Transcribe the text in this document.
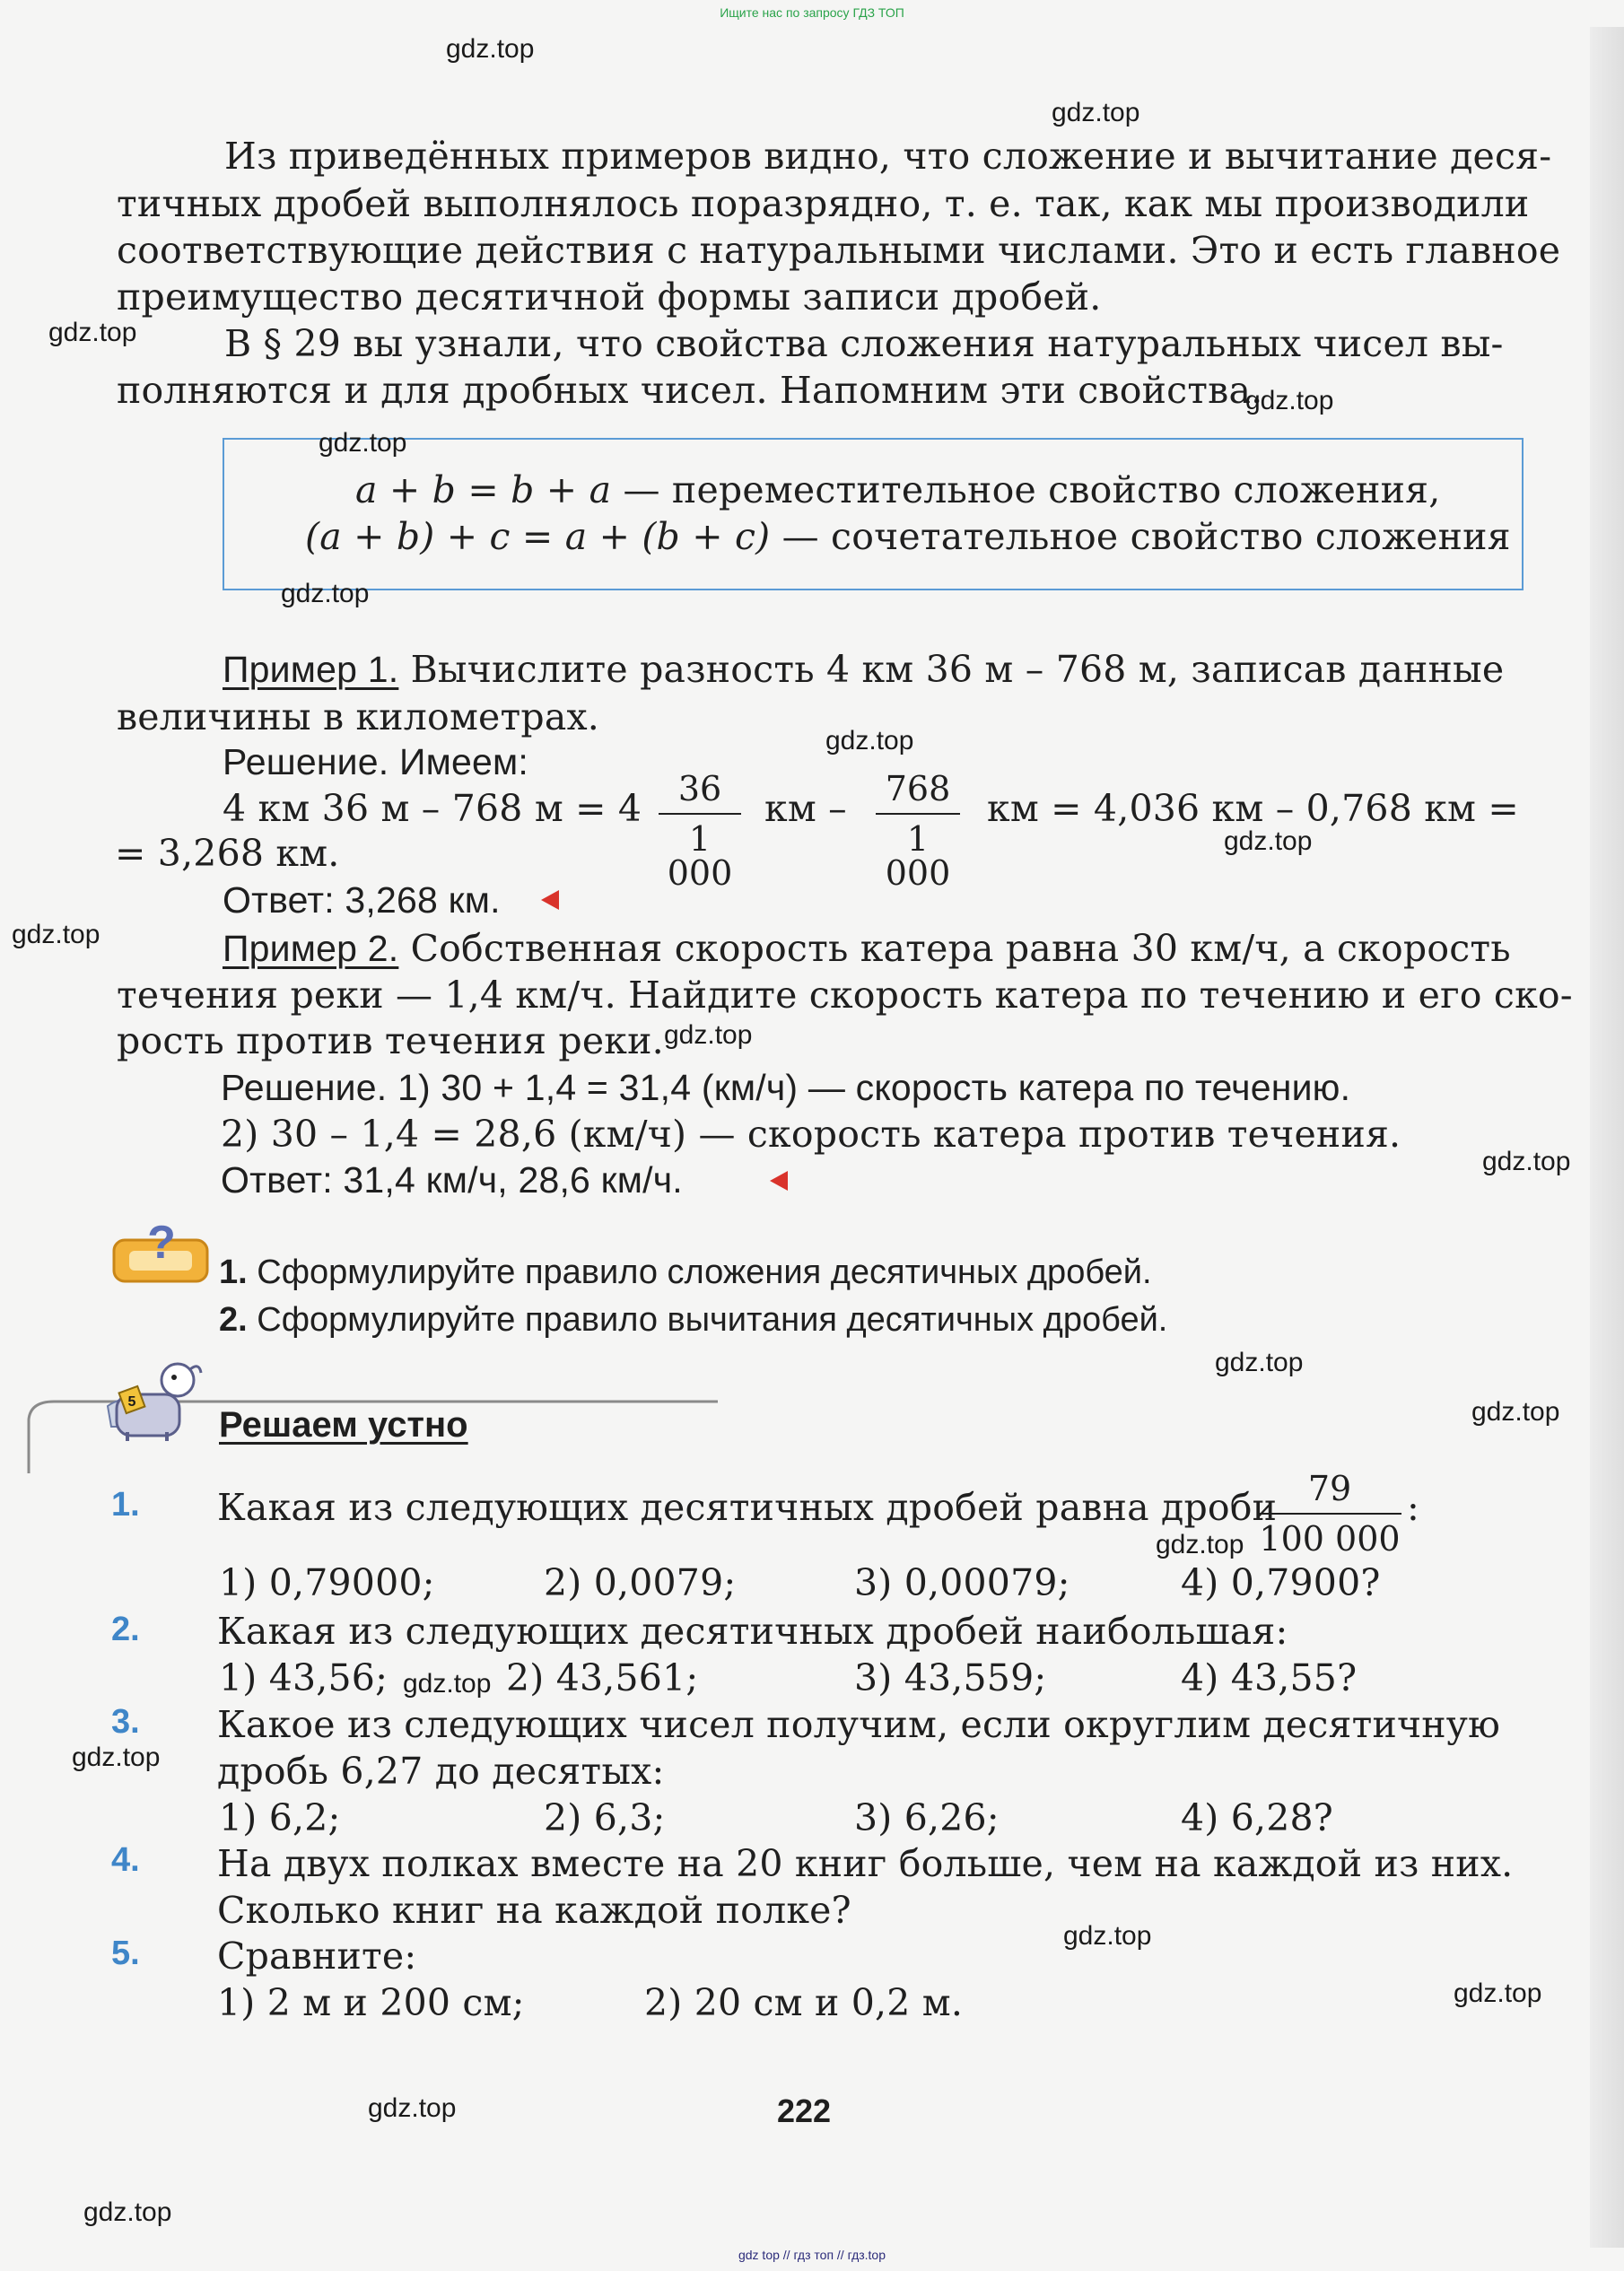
Ищите нас по запросу ГДЗ ТОП
Из приведённых примеров видно, что сложение и вычитание деся-
тичных дробей выполнялось поразрядно, т. е. так, как мы производили
соответствующие действия с натуральными числами. Это и есть главное
преимущество десятичной формы записи дробей.
В § 29 вы узнали, что свойства сложения натуральных чисел вы-
полняются и для дробных чисел. Напомним эти свойства.
a + b = b + a — переместительное свойство сложения,
(a + b) + c = a + (b + c) — сочетательное свойство сложения
Пример 1. Вычислите разность 4 км 36 м – 768 м, записав данные
величины в километрах.
Решение. Имеем:
4 км 36 м – 768 м = 4	36
1 000
км – 768
1 000
км = 4,036 км – 0,768 км =
= 3,268 км.
Ответ: 3,268 км.
Пример 2. Собственная скорость катера равна 30 км/ч, а скорость
течения реки — 1,4 км/ч. Найдите скорость катера по течению и его ско-
рость против течения реки.
Решение. 1) 30 + 1,4 = 31,4 (км/ч) — скорость катера по течению.
2) 30 – 1,4 = 28,6 (км/ч) — скорость катера против течения.
Ответ: 31,4 км/ч, 28,6 км/ч.
?
1. Сформулируйте правило сложения десятичных дробей.
2. Сформулируйте правило вычитания десятичных дробей.
5
Решаем устно
1. Какая из следующих десятичных дробей равна дроби 79
100 000
:
1) 0,79000;	2) 0,0079;	3) 0,00079;	4) 0,7900?
2. Какая из следующих десятичных дробей наибольшая:
1) 43,56;	2) 43,561;	3) 43,559;	4) 43,55?
3. Какое из следующих чисел получим, если округлим десятичную
дробь 6,27 до десятых:
1) 6,2;	2) 6,3;	3) 6,26;	4) 6,28?
4. На двух полках вместе на 20 книг больше, чем на каждой из них.
Сколько книг на каждой полке?
5. Сравните:
1) 2 м и 200 см;	2) 20 см и 0,2 м.
222
gdz.top
gdz.top
gdz.top
gdz.top
gdz.top
gdz.top
gdz.top
gdz.top
gdz.top
gdz.top
gdz.top
gdz.top
gdz.top
gdz.top
gdz.top
gdz.top
gdz.top
gdz.top
gdz.top
gdz.top
gdz top // гдз топ // гдз.top
